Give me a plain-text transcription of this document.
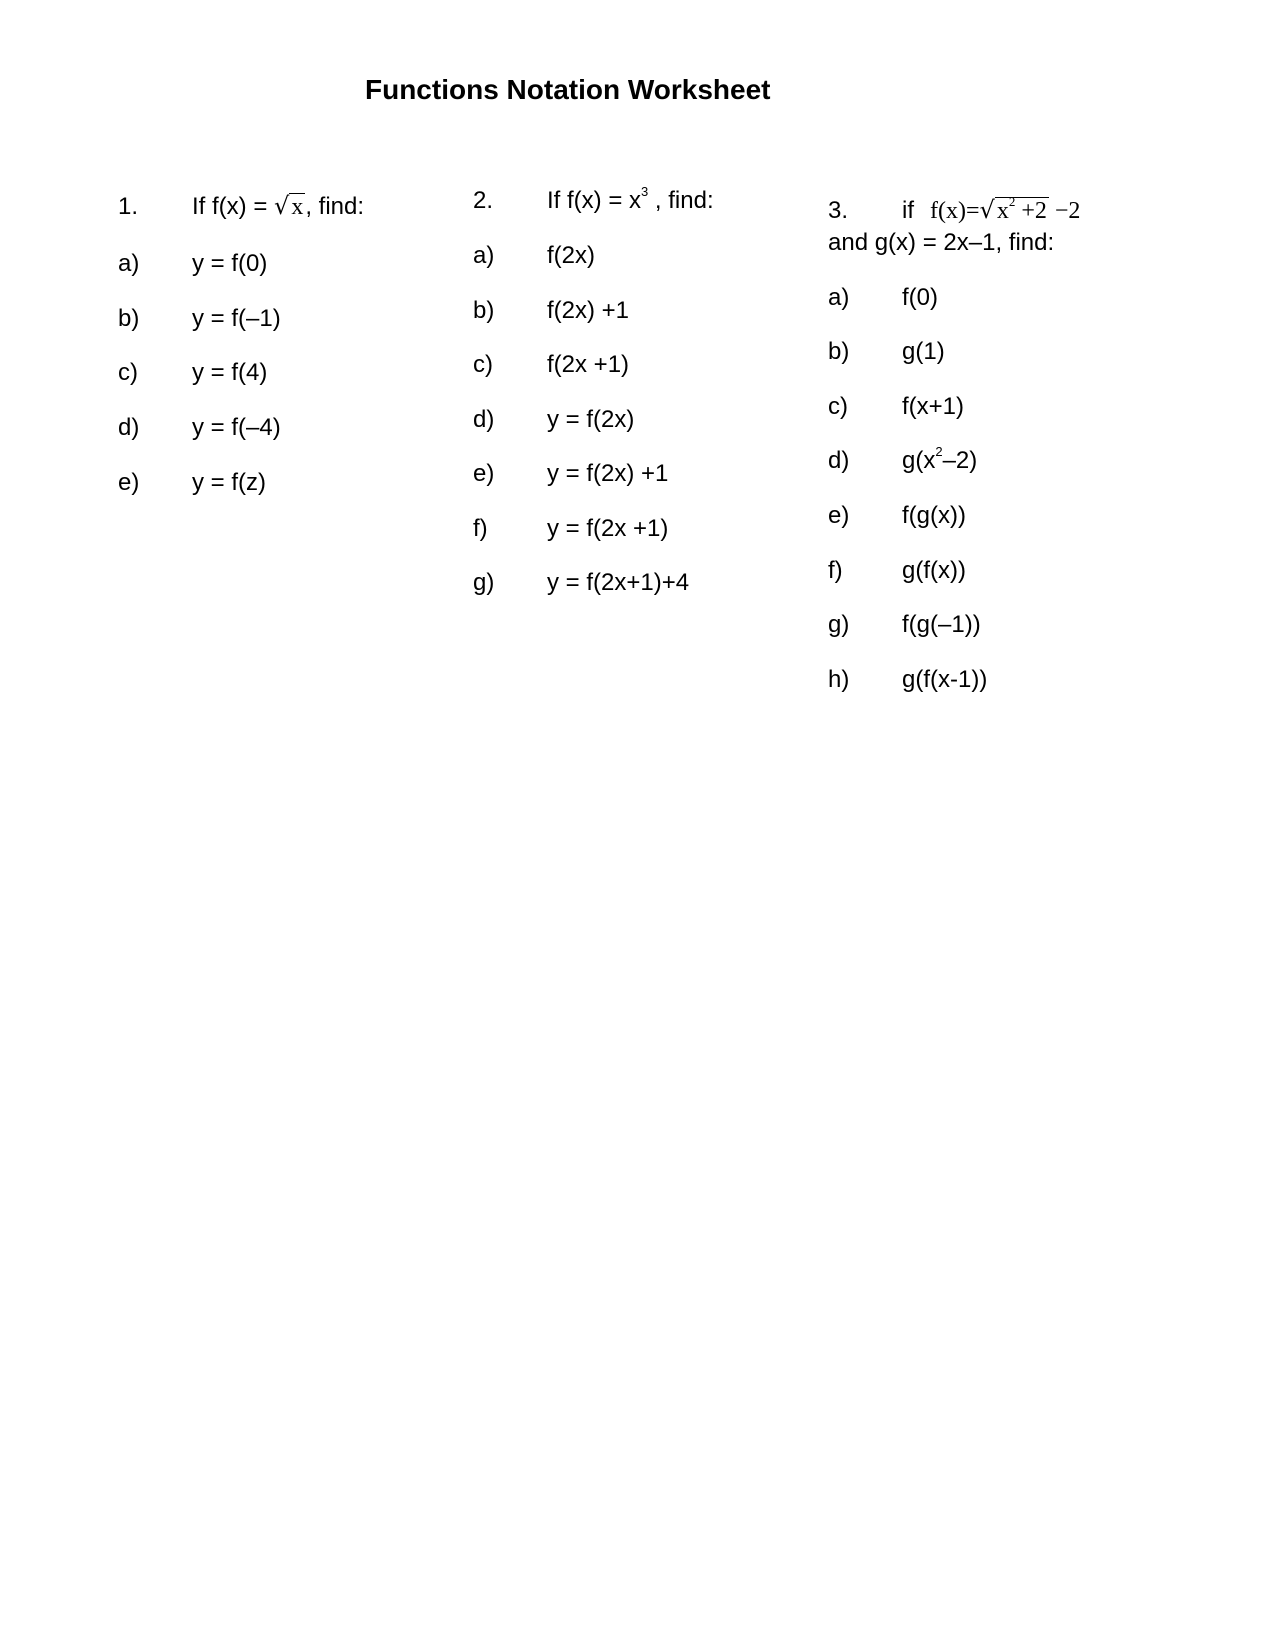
Functions Notation Worksheet
1. If f(x) = √x, find:
a) y = f(0)
b) y = f(–1)
c) y = f(4)
d) y = f(–4)
e) y = f(z)
2. If $f(x) = x^3$ , find:
a) f(2x)
b) f(2x) +1
c) f(2x +1)
d) y = f(2x)
e) y = f(2x) +1
f) y = f(2x +1)
g) y = f(2x+1)+4
3. if $f(x)=√x^2 +2 -2$
and g(x) = 2x–1, find:
a) f(0)
b) g(1)
c) f(x+1)
d) $g(x^2-2)$
e) f(g(x))
f) g(f(x))
g) f(g(–1))
h) g(f(x-1))
